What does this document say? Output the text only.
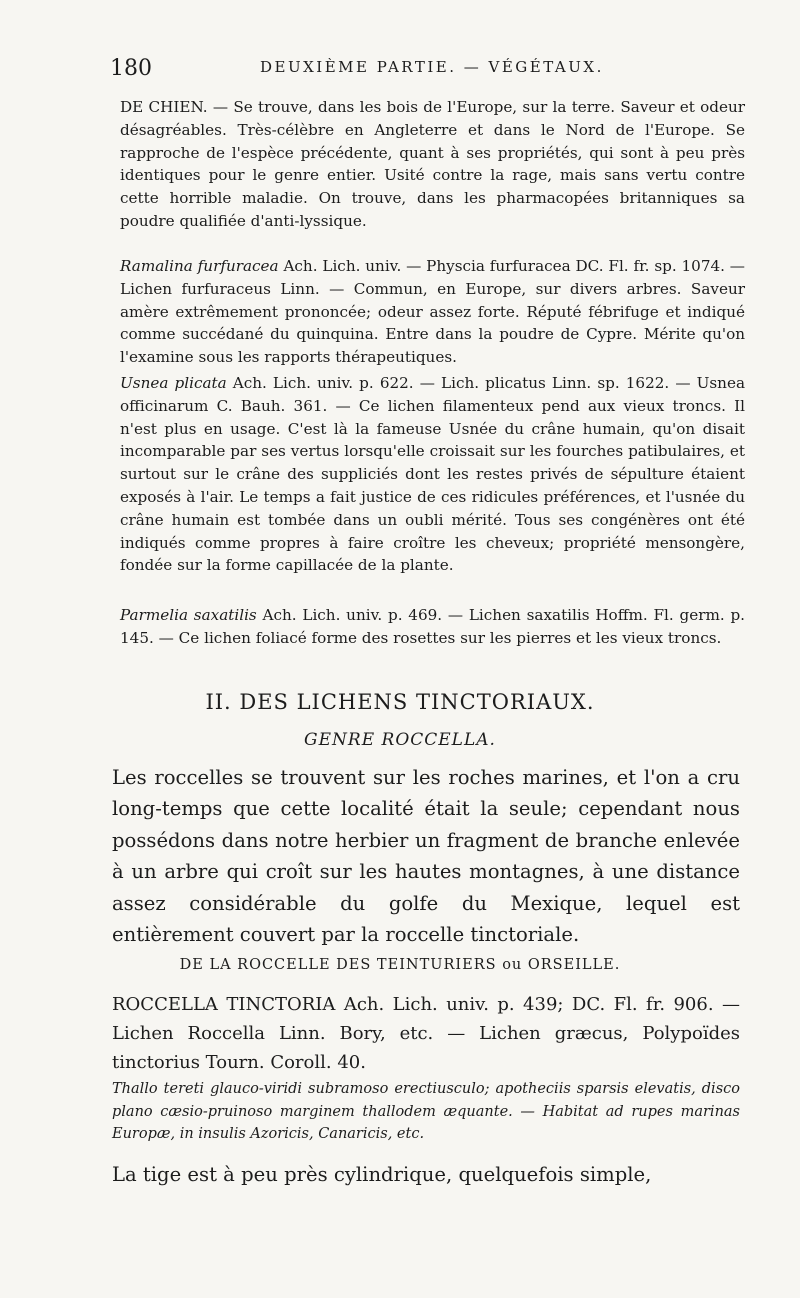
180	DEUXIÈME PARTIE. — VÉGÉTAUX.

DE CHIEN. — Se trouve, dans les bois de l'Europe, sur la terre. Saveur et odeur désagréables. Très-célèbre en Angleterre et dans le Nord de l'Europe. Se rapproche de l'espèce précédente, quant à ses propriétés, qui sont à peu près identiques pour le genre entier. Usité contre la rage, mais sans vertu contre cette horrible maladie. On trouve, dans les pharmacopées britanniques sa poudre qualifiée d'anti-lyssique.

Ramalina furfuracea Ach. Lich. univ. — Physcia furfuracea DC. Fl. fr. sp. 1074. — Lichen furfuraceus Linn. — Commun, en Europe, sur divers arbres. Saveur amère extrêmement prononcée; odeur assez forte. Réputé fébrifuge et indiqué comme succédané du quinquina. Entre dans la poudre de Cypre. Mérite qu'on l'examine sous les rapports thérapeutiques.

Usnea plicata Ach. Lich. univ. p. 622. — Lich. plicatus Linn. sp. 1622. — Usnea officinarum C. Bauh. 361. — Ce lichen filamenteux pend aux vieux troncs. Il n'est plus en usage. C'est là la fameuse Usnée du crâne humain, qu'on disait incomparable par ses vertus lorsqu'elle croissait sur les fourches patibulaires, et surtout sur le crâne des suppliciés dont les restes privés de sépulture étaient exposés à l'air. Le temps a fait justice de ces ridicules préférences, et l'usnée du crâne humain est tombée dans un oubli mérité. Tous ses congénères ont été indiqués comme propres à faire croître les cheveux; propriété mensongère, fondée sur la forme capillacée de la plante.

Parmelia saxatilis Ach. Lich. univ. p. 469. — Lichen saxatilis Hoffm. Fl. germ. p. 145. — Ce lichen foliacé forme des rosettes sur les pierres et les vieux troncs.

II. DES LICHENS TINCTORIAUX.
GENRE ROCCELLA.

Les roccelles se trouvent sur les roches marines, et l'on a cru long-temps que cette localité était la seule; cependant nous possédons dans notre herbier un fragment de branche enlevée à un arbre qui croît sur les hautes montagnes, à une distance assez considérable du golfe du Mexique, lequel est entièrement couvert par la roccelle tinctoriale.

DE LA ROCCELLE DES TEINTURIERS ou ORSEILLE.
ROCCELLA TINCTORIA Ach. Lich. univ. p. 439; DC. Fl. fr. 906. — Lichen Roccella Linn. Bory, etc. — Lichen græcus, Polypoïdes tinctorius Tourn. Coroll. 40.
Thallo tereti glauco-viridi subramoso erectiusculo; apotheciis sparsis elevatis, disco plano cæsio-pruinoso marginem thallodem æquante. — Habitat ad rupes marinas Europæ, in insulis Azoricis, Canaricis, etc.
La tige est à peu près cylindrique, quelquefois simple,
